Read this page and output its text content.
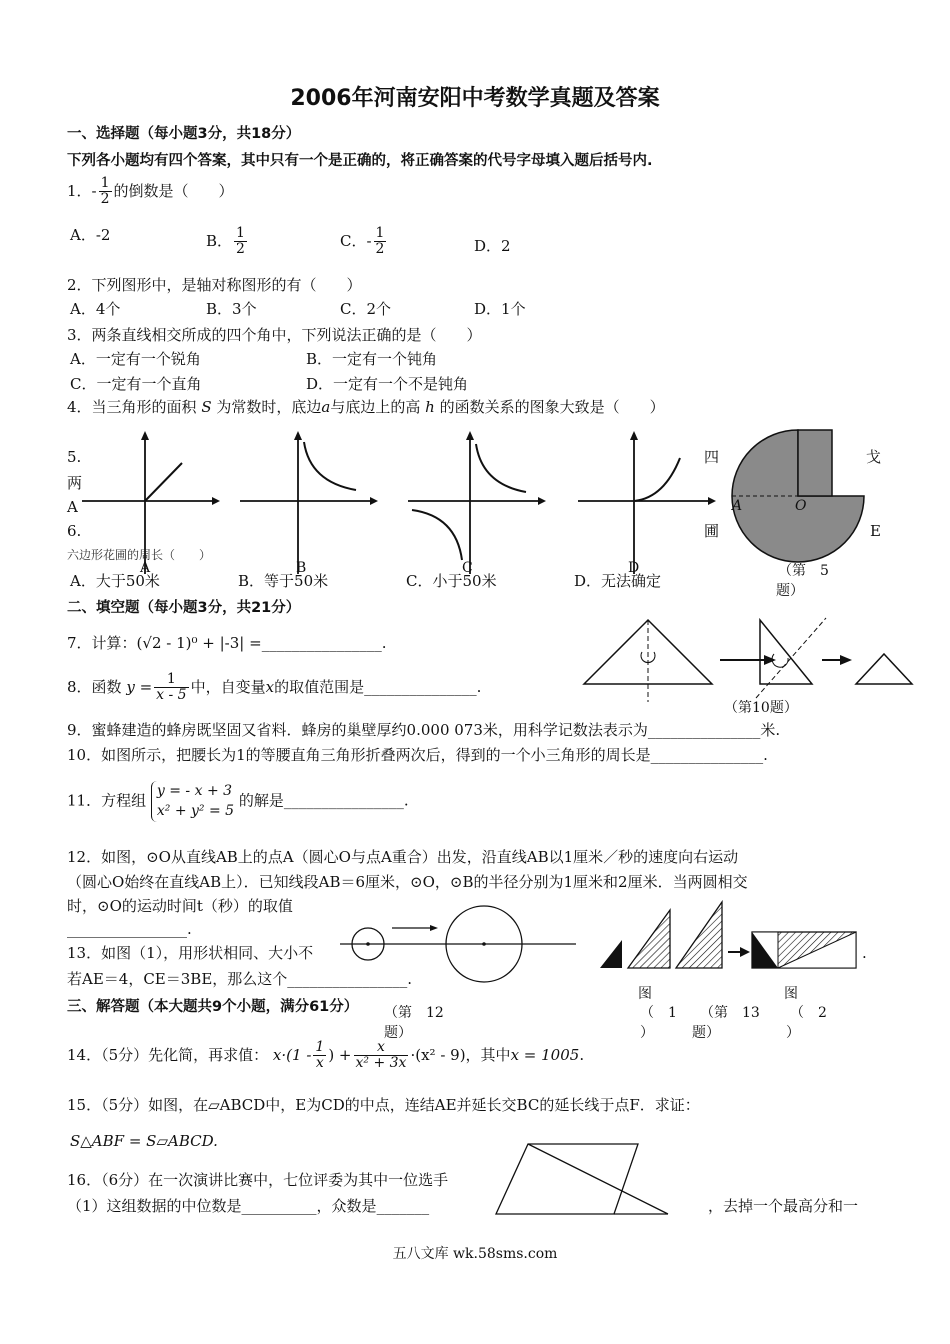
2006年河南安阳中考数学真题及答案
一、选择题（每小题3分，共18分）
下列各小题均有四个答案，其中只有一个是正确的，将正确答案的代号字母填入题后括号内.
1．- $\frac{1}{2}$ 的倒数是（　　）
A．-2	B． $\frac{1}{2}$	C．- $\frac{1}{2}$	D．2
2．下列图形中，是轴对称图形的有（　　）
A．4个	B．3个	C．2个	D．1个
3．两条直线相交所成的四个角中，下列说法正确的是（　　）
A．一定有一个锐角	B．一定有一个钝角
C．一定有一个直角	D．一定有一个不是钝角
4．当三角形的面积 S 为常数时，底边a与底边上的高 h 的函数关系的图象大致是（　　）
5.
两
A
6.
六边形花圃的周长（　　）
A	B	C	D
四	戈
圃	E
A	O
（第　5
题）
A．大于50米	B．等于50米	C．小于50米	D．无法确定
二、填空题（每小题3分，共21分）
7．计算：(√2 - 1)⁰ + |-3| =________________.
（第10题）
8．函数 $y = \frac{1}{x - 5}$ 中，自变量x的取值范围是_______________.
9．蜜蜂建造的蜂房既坚固又省料．蜂房的巢壁厚约0.000 073米，用科学记数法表示为_______________米.
10．如图所示，把腰长为1的等腰直角三角形折叠两次后，得到的一个小三角形的周长是_______________.
11．方程组 y = - x + 3
x² + y² = 5 的解是________________.
12．如图，⊙O从直线AB上的点A（圆心O与点A重合）出发，沿直线AB以1厘米／秒的速度向右运动
（圆心O始终在直线AB上）．已知线段AB＝6厘米，⊙O，⊙B的半径分别为1厘米和2厘米．当两圆相交
时，⊙O的运动时间t（秒）的取值
________________.
13．如图（1），用形状相同、大小不
若AE＝4，CE＝3BE，那么这个________________.
.
（第　12
题）
图
（　1
）
（第　13
题）
图
（　2
）
三、解答题（本大题共9个小题，满分61分）
14．（5分）先化简，再求值： $x\cdot(1 - \frac{1}{x}$ ) + $\frac{x}{\text{x² + 3x}} \cdot(x^2 - 9)$，其中x = 1005.
15．（5分）如图，在▱ABCD中，E为CD的中点，连结AE并延长交BC的延长线于点F．求证：
S△ABF = S▱ABCD.
16．（6分）在一次演讲比赛中，七位评委为其中一位选手
（1）这组数据的中位数是__________，众数是_______	，去掉一个最高分和一
五八文库 wk.58sms.com
